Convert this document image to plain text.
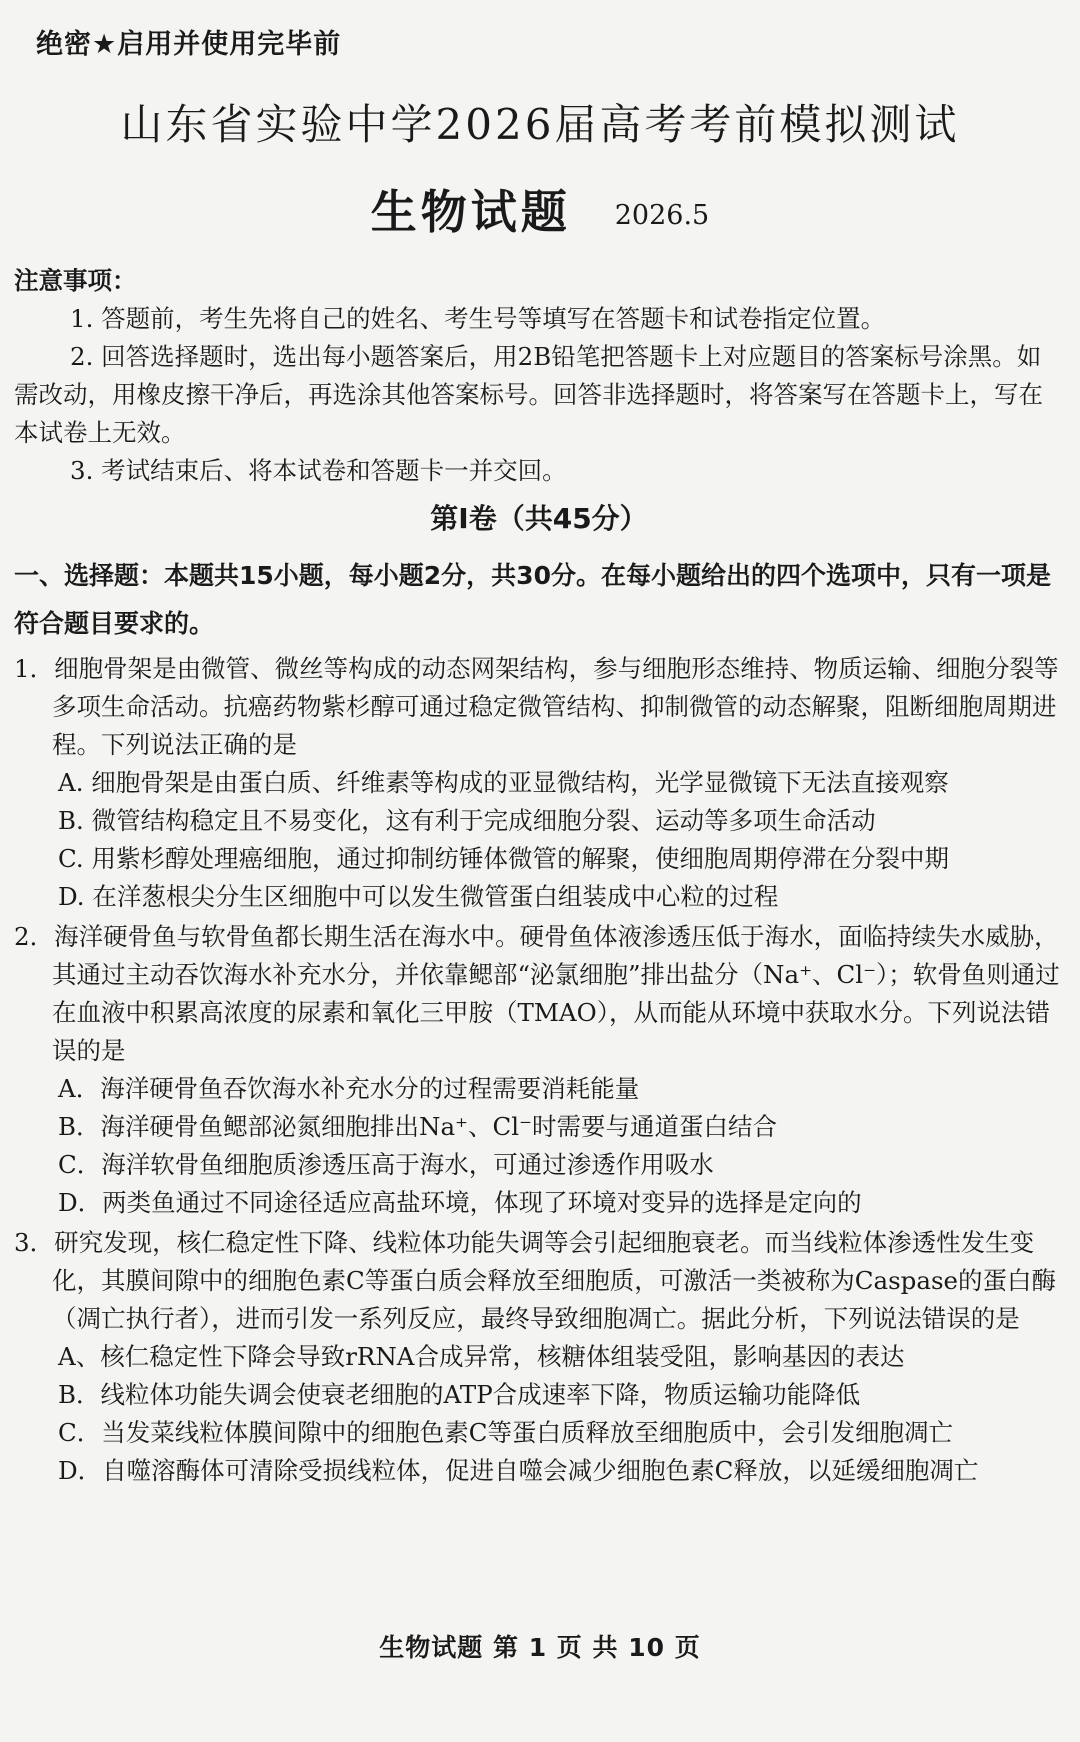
绝密★启用并使用完毕前
山东省实验中学2026届高考考前模拟测试
生物试题 2026.5
注意事项：
1. 答题前，考生先将自己的姓名、考生号等填写在答题卡和试卷指定位置。
2. 回答选择题时，选出每小题答案后，用2B铅笔把答题卡上对应题目的答案标号涂黑。如需改动，用橡皮擦干净后，再选涂其他答案标号。回答非选择题时，将答案写在答题卡上，写在本试卷上无效。
3. 考试结束后、将本试卷和答题卡一并交回。
第I卷（共45分）
一、选择题：本题共15小题，每小题2分，共30分。在每小题给出的四个选项中，只有一项是符合题目要求的。
1．细胞骨架是由微管、微丝等构成的动态网架结构，参与细胞形态维持、物质运输、细胞分裂等多项生命活动。抗癌药物紫杉醇可通过稳定微管结构、抑制微管的动态解聚，阻断细胞周期进程。下列说法正确的是
A. 细胞骨架是由蛋白质、纤维素等构成的亚显微结构，光学显微镜下无法直接观察
B. 微管结构稳定且不易变化，这有利于完成细胞分裂、运动等多项生命活动
C. 用紫杉醇处理癌细胞，通过抑制纺锤体微管的解聚，使细胞周期停滞在分裂中期
D. 在洋葱根尖分生区细胞中可以发生微管蛋白组装成中心粒的过程
2．海洋硬骨鱼与软骨鱼都长期生活在海水中。硬骨鱼体液渗透压低于海水，面临持续失水威胁，其通过主动吞饮海水补充水分，并依靠鳃部“泌氯细胞”排出盐分（Na⁺、Cl⁻）；软骨鱼则通过在血液中积累高浓度的尿素和氧化三甲胺（TMAO），从而能从环境中获取水分。下列说法错误的是
A．海洋硬骨鱼吞饮海水补充水分的过程需要消耗能量
B．海洋硬骨鱼鳃部泌氮细胞排出Na⁺、Cl⁻时需要与通道蛋白结合
C．海洋软骨鱼细胞质渗透压高于海水，可通过渗透作用吸水
D．两类鱼通过不同途径适应高盐环境，体现了环境对变异的选择是定向的
3．研究发现，核仁稳定性下降、线粒体功能失调等会引起细胞衰老。而当线粒体渗透性发生变化，其膜间隙中的细胞色素C等蛋白质会释放至细胞质，可激活一类被称为Caspase的蛋白酶（凋亡执行者），进而引发一系列反应，最终导致细胞凋亡。据此分析，下列说法错误的是
A、核仁稳定性下降会导致rRNA合成异常，核糖体组装受阻，影响基因的表达
B．线粒体功能失调会使衰老细胞的ATP合成速率下降，物质运输功能降低
C．当发菜线粒体膜间隙中的细胞色素C等蛋白质释放至细胞质中，会引发细胞凋亡
D．自噬溶酶体可清除受损线粒体，促进自噬会减少细胞色素C释放，以延缓细胞凋亡
生物试题 第 1 页 共 10 页
